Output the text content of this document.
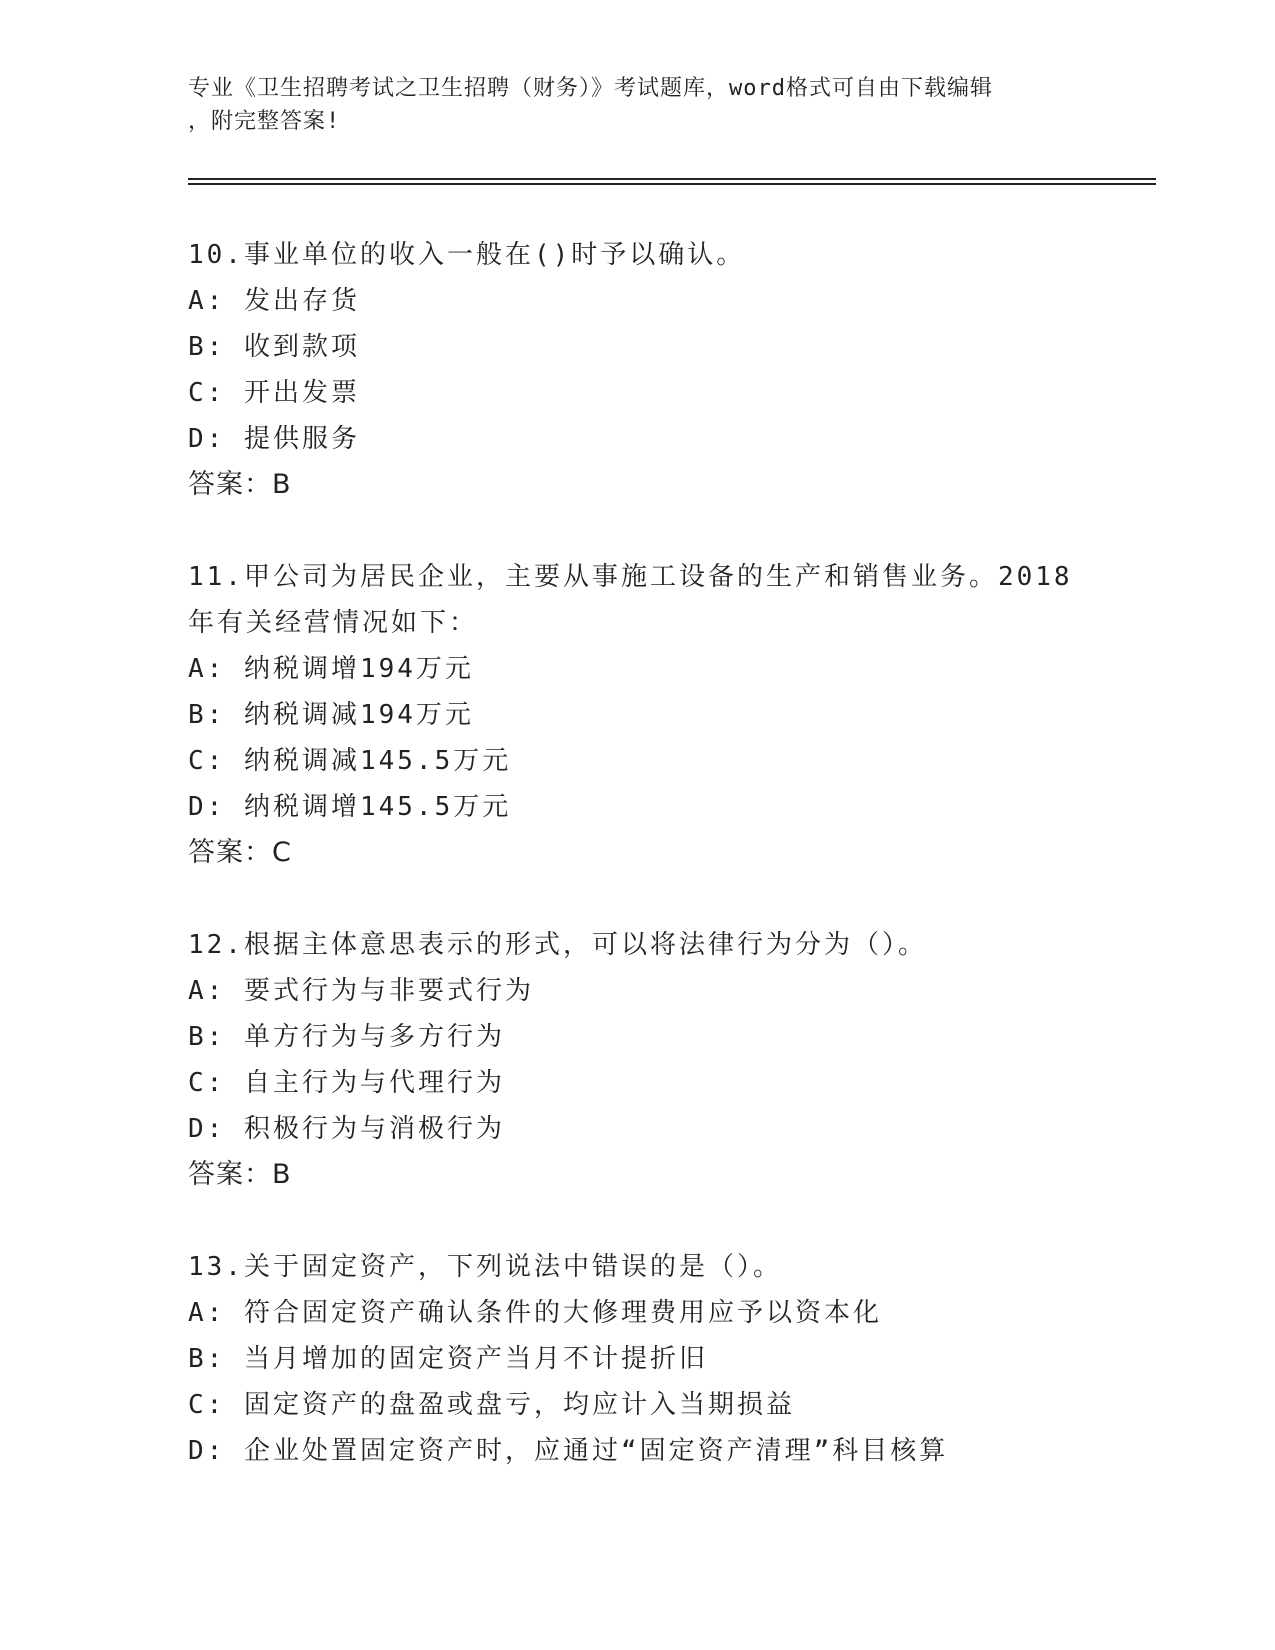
专业《卫生招聘考试之卫生招聘（财务）》考试题库，word格式可自由下载编辑
，附完整答案!
10.事业单位的收入一般在()时予以确认。
A: 发出存货
B: 收到款项
C: 开出发票
D: 提供服务
答案：B
11.甲公司为居民企业，主要从事施工设备的生产和销售业务。2018年有关经营情况如下：
A: 纳税调增194万元
B: 纳税调减194万元
C: 纳税调减145.5万元
D: 纳税调增145.5万元
答案：C
12.根据主体意思表示的形式，可以将法律行为分为（）。
A: 要式行为与非要式行为
B: 单方行为与多方行为
C: 自主行为与代理行为
D: 积极行为与消极行为
答案：B
13.关于固定资产，下列说法中错误的是（）。
A: 符合固定资产确认条件的大修理费用应予以资本化
B: 当月增加的固定资产当月不计提折旧
C: 固定资产的盘盈或盘亏，均应计入当期损益
D: 企业处置固定资产时，应通过“固定资产清理”科目核算
